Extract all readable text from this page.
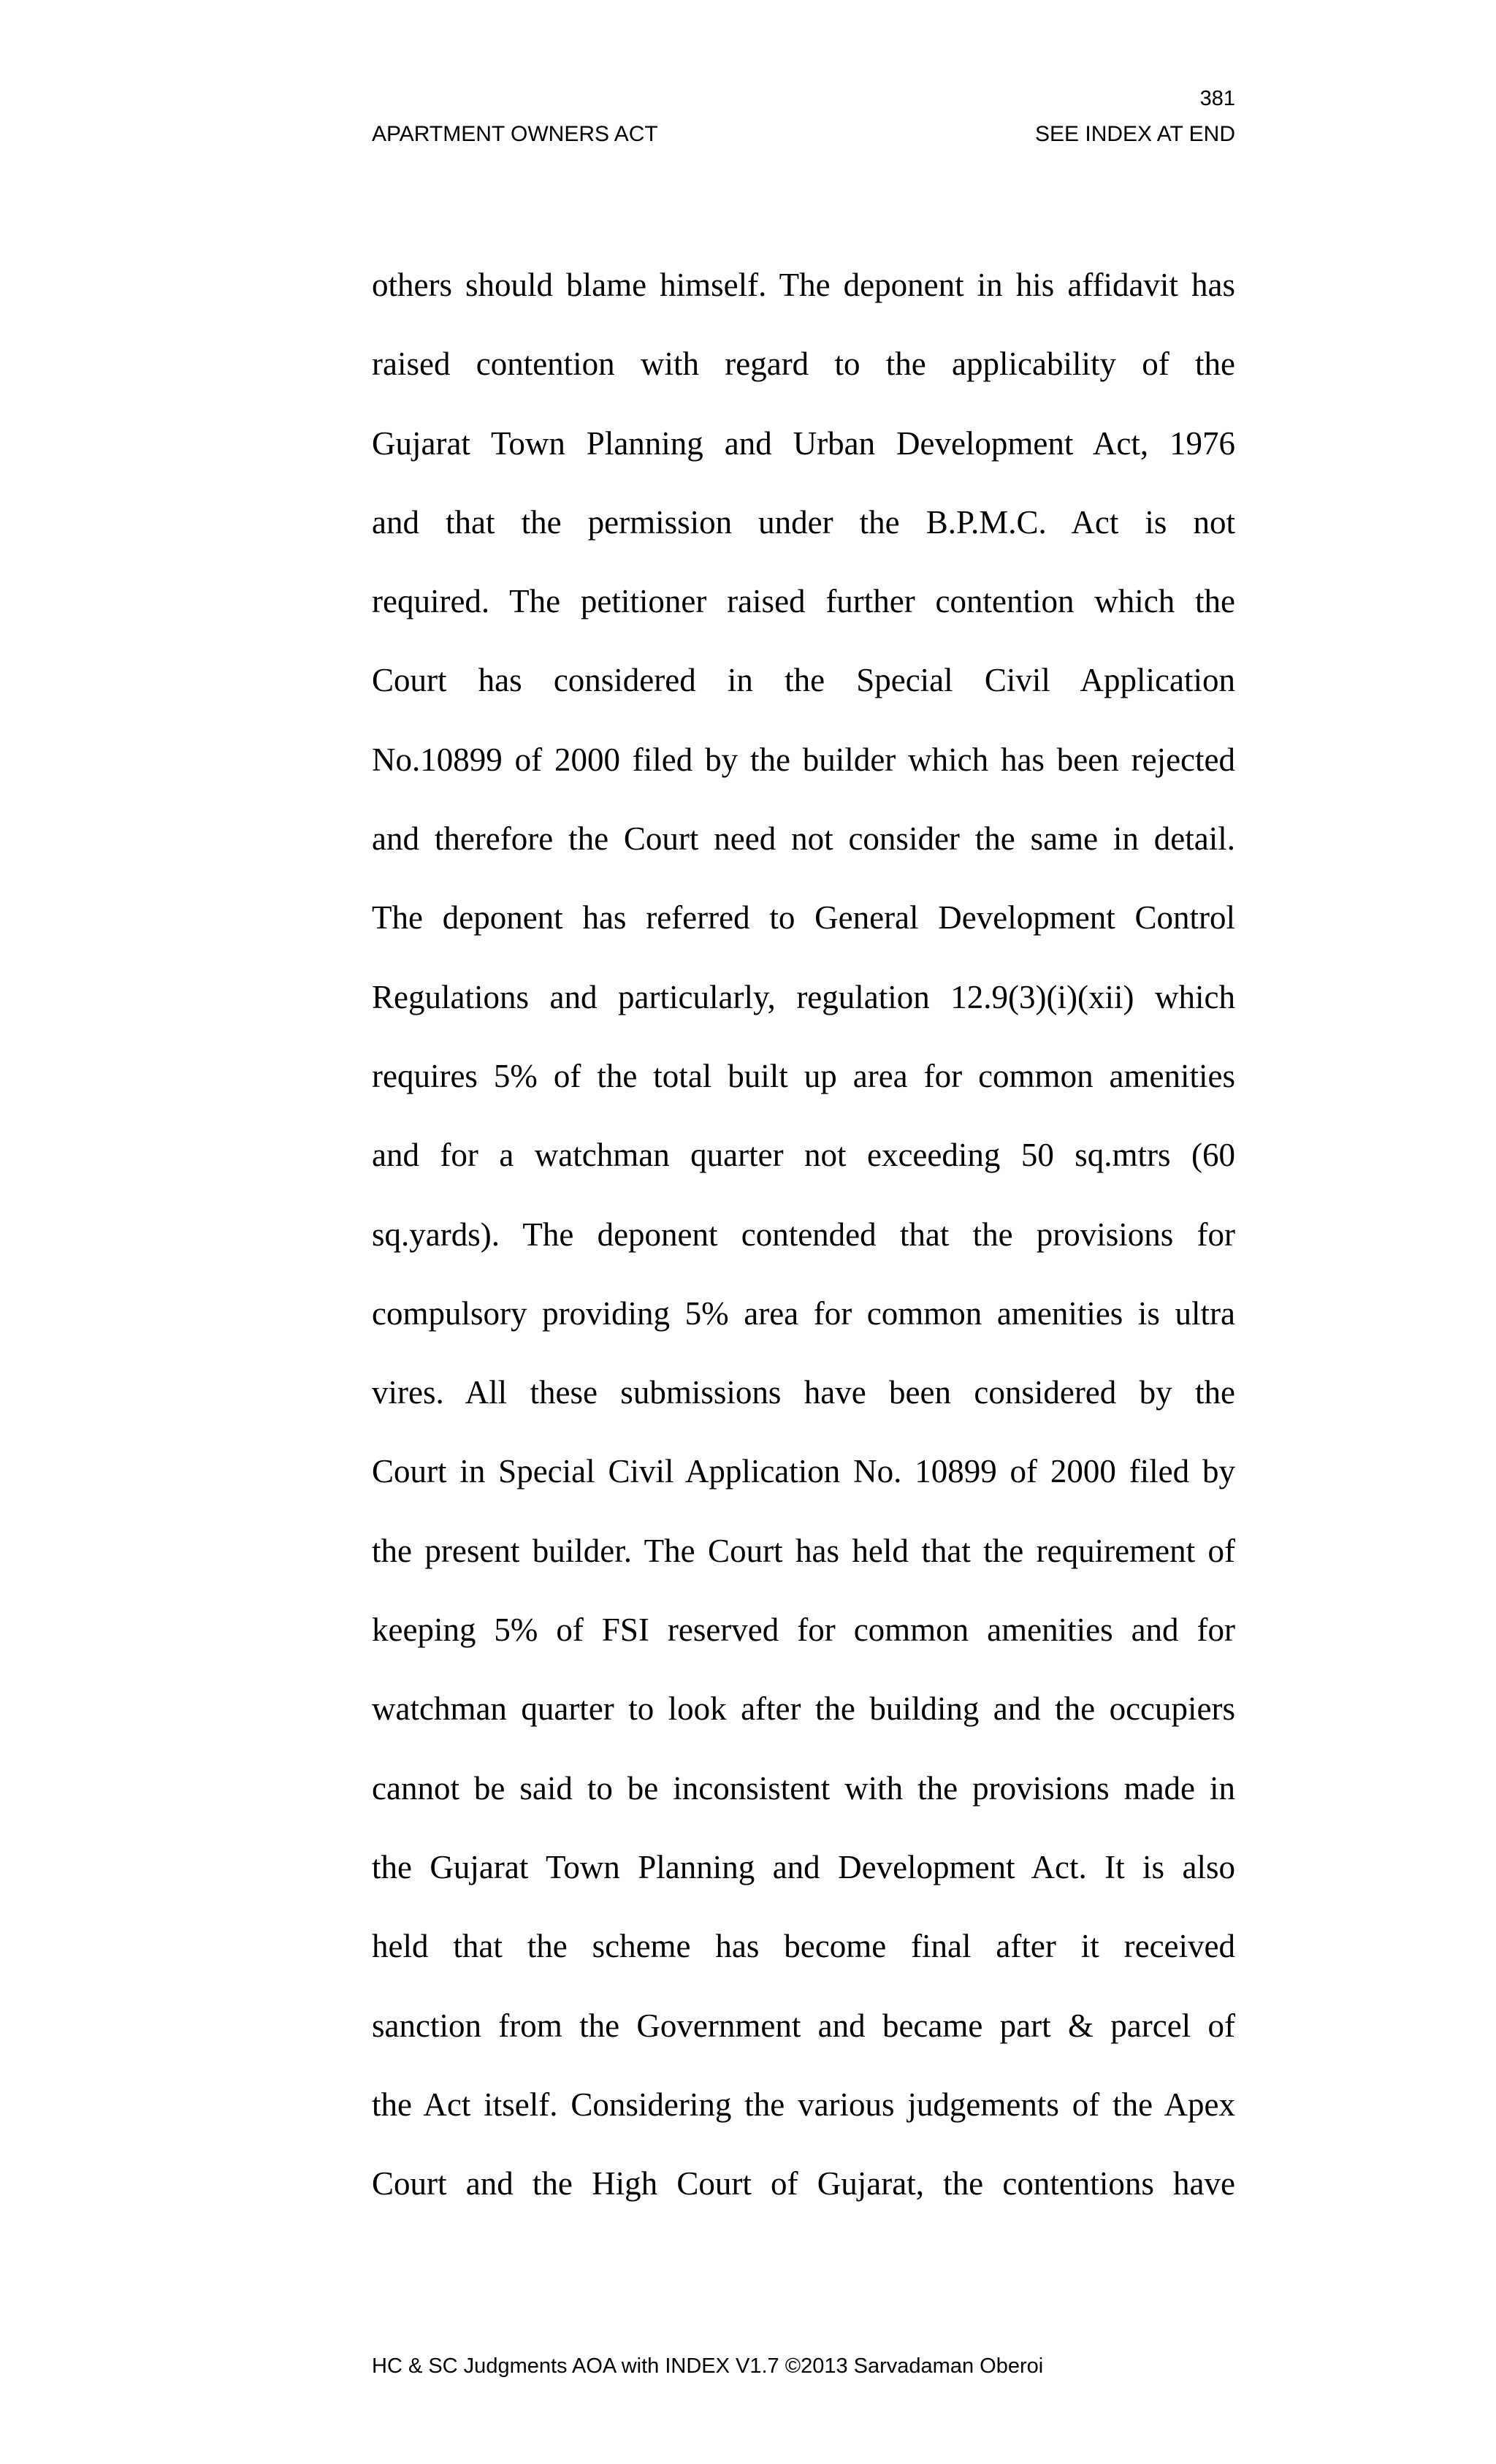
381

APARTMENT OWNERS ACT	SEE INDEX AT END
others should blame himself. The deponent in his affidavit has
raised contention with regard to the applicability of the
Gujarat Town Planning and Urban Development Act, 1976
and that the permission under the B.P.M.C. Act is not
required. The petitioner raised further contention which the
Court has considered in the Special Civil Application
No.10899 of 2000 filed by the builder which has been rejected
and therefore the Court need not consider the same in detail.
The deponent has referred to General Development Control
Regulations and particularly, regulation 12.9(3)(i)(xii) which
requires 5% of the total built up area for common amenities
and for a watchman quarter not exceeding 50 sq.mtrs (60
sq.yards). The deponent contended that the provisions for
compulsory providing 5% area for common amenities is ultra
vires. All these submissions have been considered by the
Court in Special Civil Application No. 10899 of 2000 filed by
the present builder. The Court has held that the requirement of
keeping 5% of FSI reserved for common amenities and for
watchman quarter to look after the building and the occupiers
cannot be said to be inconsistent with the provisions made in
the Gujarat Town Planning and Development Act. It is also
held that the scheme has become final after it received
sanction from the Government and became part & parcel of
the Act itself. Considering the various judgements of the Apex
Court and the High Court of Gujarat, the contentions have

HC & SC Judgments AOA with INDEX V1.7 ©2013 Sarvadaman Oberoi
